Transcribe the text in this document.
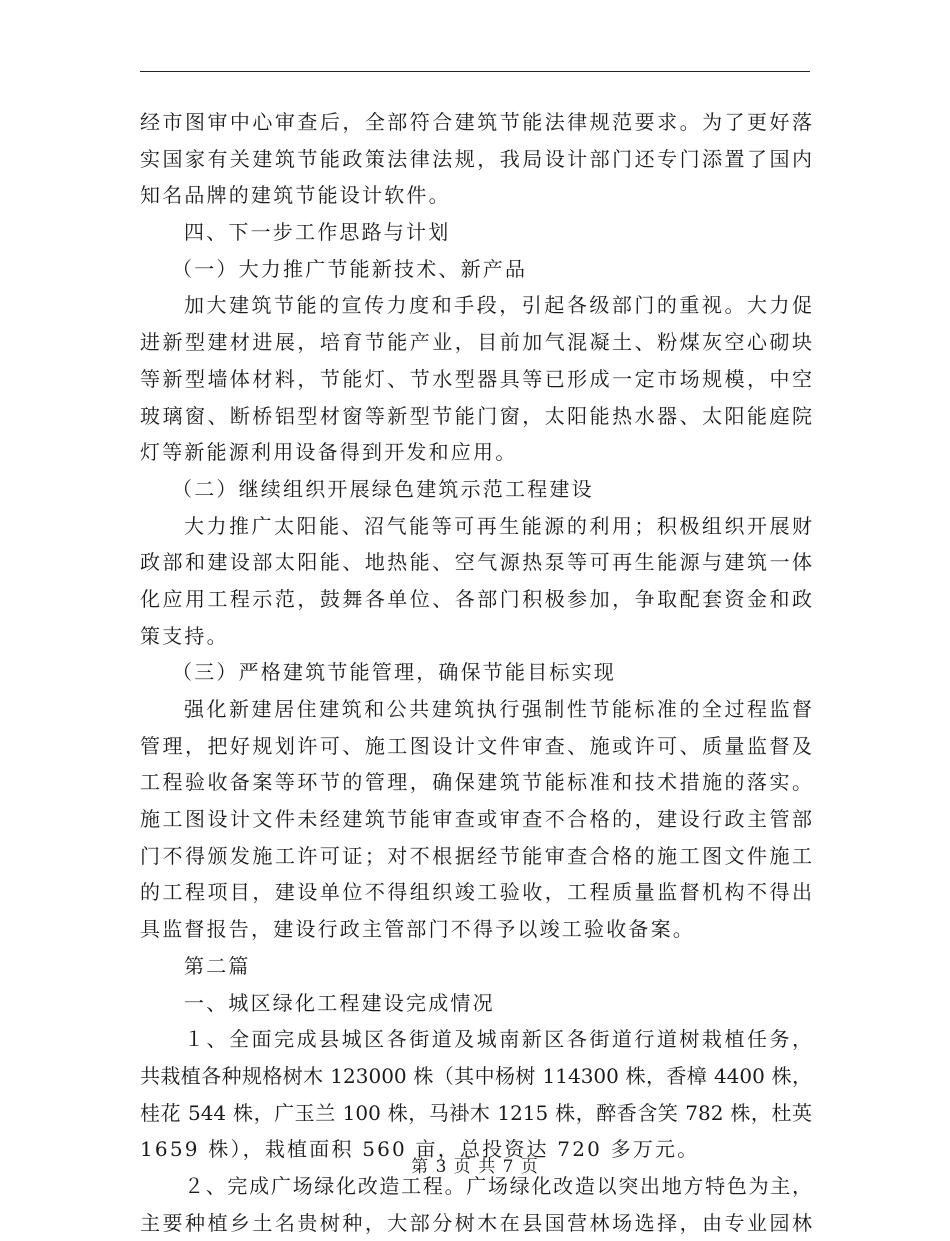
经市图审中心审查后，全部符合建筑节能法律规范要求。为了更好落
实国家有关建筑节能政策法律法规，我局设计部门还专门添置了国内
知名品牌的建筑节能设计软件。
四、下一步工作思路与计划
（一）大力推广节能新技术、新产品
加大建筑节能的宣传力度和手段，引起各级部门的重视。大力促
进新型建材进展，培育节能产业，目前加气混凝土、粉煤灰空心砌块
等新型墙体材料，节能灯、节水型器具等已形成一定市场规模，中空
玻璃窗、断桥铝型材窗等新型节能门窗，太阳能热水器、太阳能庭院
灯等新能源利用设备得到开发和应用。
（二）继续组织开展绿色建筑示范工程建设
大力推广太阳能、沼气能等可再生能源的利用；积极组织开展财
政部和建设部太阳能、地热能、空气源热泵等可再生能源与建筑一体
化应用工程示范，鼓舞各单位、各部门积极参加，争取配套资金和政
策支持。
（三）严格建筑节能管理，确保节能目标实现
强化新建居住建筑和公共建筑执行强制性节能标准的全过程监督
管理，把好规划许可、施工图设计文件审查、施或许可、质量监督及
工程验收备案等环节的管理，确保建筑节能标准和技术措施的落实。
施工图设计文件未经建筑节能审查或审查不合格的，建设行政主管部
门不得颁发施工许可证；对不根据经节能审查合格的施工图文件施工
的工程项目，建设单位不得组织竣工验收，工程质量监督机构不得出
具监督报告，建设行政主管部门不得予以竣工验收备案。
第二篇
一、城区绿化工程建设完成情况
１、全面完成县城区各街道及城南新区各街道行道树栽植任务，
共栽植各种规格树木 123000 株（其中杨树 114300 株，香樟 4400 株，
桂花 544 株，广玉兰 100 株，马褂木 1215 株，醉香含笑 782 株，杜英
1659 株），栽植面积 560 亩，总投资达 720 多万元。
２、完成广场绿化改造工程。广场绿化改造以突出地方特色为主，
主要种植乡土名贵树种，大部分树木在县国营林场选择，由专业园林
第 3 页 共 7 页
